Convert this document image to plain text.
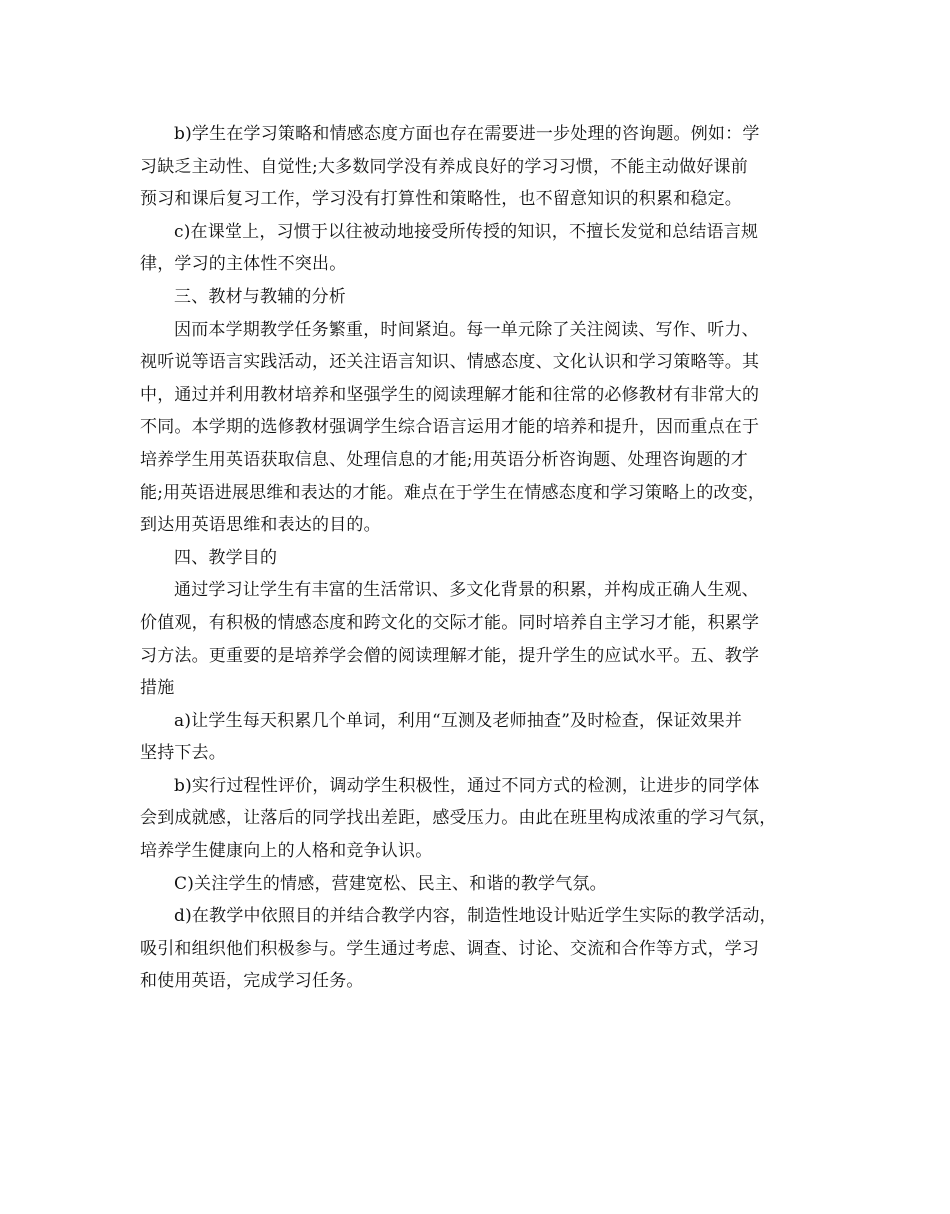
b)学生在学习策略和情感态度方面也存在需要进一步处理的咨询题。例如：学
习缺乏主动性、自觉性;大多数同学没有养成良好的学习习惯，不能主动做好课前
预习和课后复习工作，学习没有打算性和策略性，也不留意知识的积累和稳定。
c)在课堂上，习惯于以往被动地接受所传授的知识，不擅长发觉和总结语言规
律，学习的主体性不突出。
三、教材与教辅的分析
因而本学期教学任务繁重，时间紧迫。每一单元除了关注阅读、写作、听力、
视听说等语言实践活动，还关注语言知识、情感态度、文化认识和学习策略等。其
中，通过并利用教材培养和坚强学生的阅读理解才能和往常的必修教材有非常大的
不同。本学期的选修教材强调学生综合语言运用才能的培养和提升，因而重点在于
培养学生用英语获取信息、处理信息的才能;用英语分析咨询题、处理咨询题的才
能;用英语进展思维和表达的才能。难点在于学生在情感态度和学习策略上的改变，
到达用英语思维和表达的目的。
四、教学目的
通过学习让学生有丰富的生活常识、多文化背景的积累，并构成正确人生观、
价值观，有积极的情感态度和跨文化的交际才能。同时培养自主学习才能，积累学
习方法。更重要的是培养学会僧的阅读理解才能，提升学生的应试水平。五、教学
措施
a)让学生每天积累几个单词，利用“互测及老师抽查”及时检查，保证效果并
坚持下去。
b)实行过程性评价，调动学生积极性，通过不同方式的检测，让进步的同学体
会到成就感，让落后的同学找出差距，感受压力。由此在班里构成浓重的学习气氛，
培养学生健康向上的人格和竞争认识。
C)关注学生的情感，营建宽松、民主、和谐的教学气氛。
d)在教学中依照目的并结合教学内容，制造性地设计贴近学生实际的教学活动，
吸引和组织他们积极参与。学生通过考虑、调查、讨论、交流和合作等方式，学习
和使用英语，完成学习任务。
